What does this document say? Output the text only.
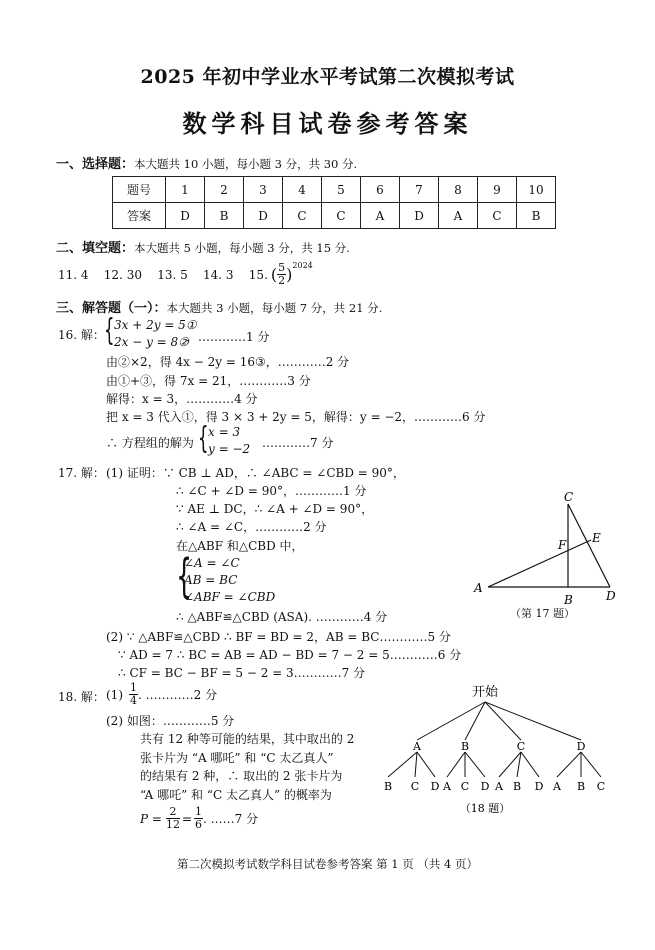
2025 年初中学业水平考试第二次模拟考试
数学科目试卷参考答案
一、选择题：本大题共 10 小题，每小题 3 分，共 30 分.
题号	1	2	3	4	5	6	7	8	9	10
答案	D	B	D	C	C	A	D	A	C	B
二、填空题：本大题共 5 小题，每小题 3 分，共 15 分.
11. 4    12. 30    13. 5    14. 3    15. ( $\frac{5}{2}$ ) 2024
三、解答题（一）：本大题共 3 小题，每小题 7 分，共 21 分.
16. 解： { 3x + 2y = 5①
2x − y = 8②
，…………1 分
由②×2，得 4x − 2y = 16③，…………2 分
由①+③，得 7x = 21，…………3 分
解得：x = 3，…………4 分
把 x = 3 代入①，得 3 × 3 + 2y = 5，解得：y = −2，…………6 分
∴ 方程组的解为 { x = 3
y = −2 …………7 分
17. 解： (1) 证明：∵ CB ⊥ AD，∴ ∠ABC = ∠CBD = 90°，
∴ ∠C + ∠D = 90°，…………1 分
∵ AE ⊥ DC，∴ ∠A + ∠D = 90°，
∴ ∠A = ∠C，…………2 分
在△ABF 和△CBD 中，
{
∠A = ∠C
AB = BC
∠ABF = ∠CBD
∴ △ABF≌△CBD (ASA). …………4 分
(2) ∵ △ABF≌△CBD ∴ BF = BD = 2，AB = BC…………5 分
∵ AD = 7 ∴ BC = AB = AD − BD = 7 − 2 = 5…………6 分
∴ CF = BC − BF = 5 − 2 = 3…………7 分
A
B
C
D
E
F
（第 17 题）
18. 解： $(1) \frac{1}{4}$ . …………2 分
(2) 如图：…………5 分
共有 12 种等可能的结果，其中取出的 2
张卡片为 “A 哪吒” 和 “C 太乙真人”
的结果有 2 种，∴ 取出的 2 张卡片为
“A 哪吒” 和 “C 太乙真人” 的概率为
$P = \frac{2}{12} = \frac{1}{6}$ . ……7 分
开始
A	B	C	D
B C D A C D A B D A B C
（18 题）
第二次模拟考试数学科目试卷参考答案 第 1 页 （共 4 页）
